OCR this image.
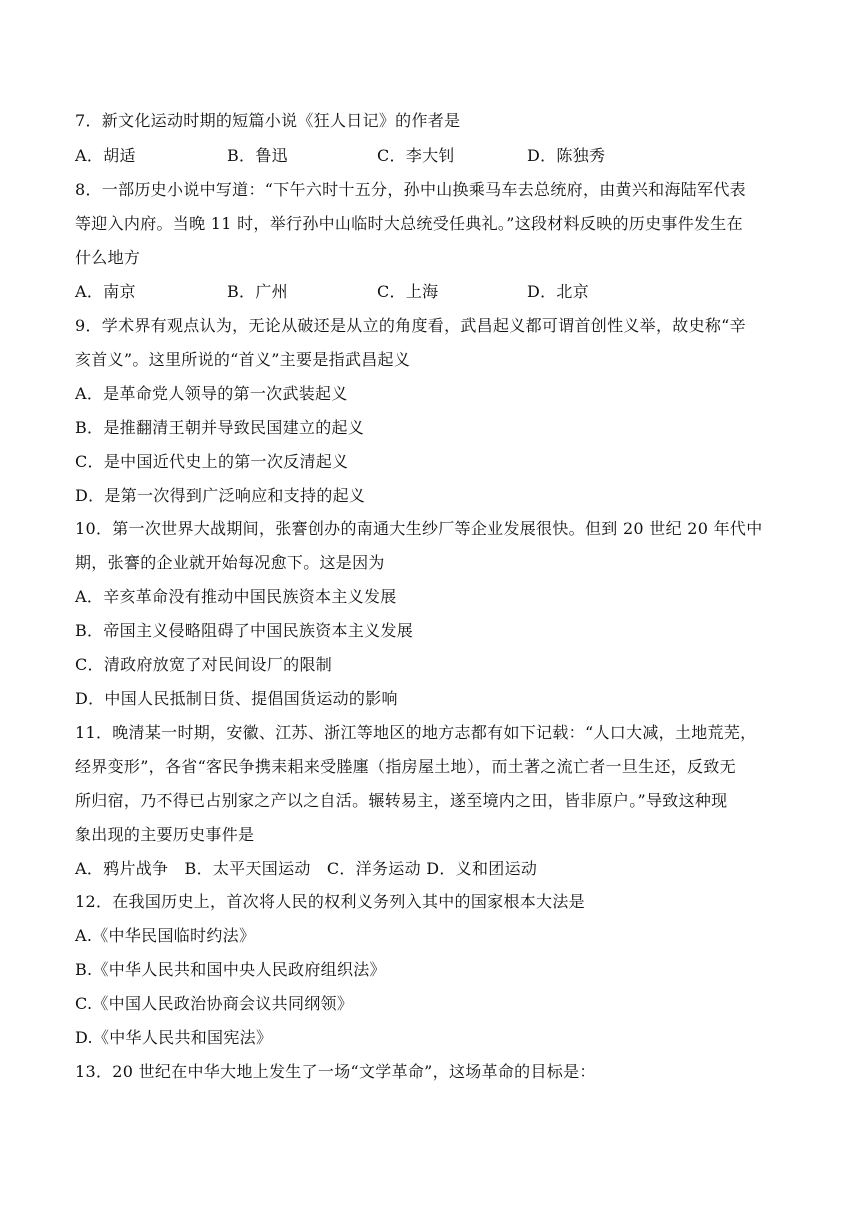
7．新文化运动时期的短篇小说《狂人日记》的作者是
A．胡适	B．鲁迅	C．李大钊	D．陈独秀
8．一部历史小说中写道：“下午六时十五分，孙中山换乘马车去总统府，由黄兴和海陆军代表
等迎入内府。当晚 11 时，举行孙中山临时大总统受任典礼。”这段材料反映的历史事件发生在
什么地方
A．南京	B．广州	C．上海	D．北京
9．学术界有观点认为，无论从破还是从立的角度看，武昌起义都可谓首创性义举，故史称“辛
亥首义”。这里所说的“首义”主要是指武昌起义
A．是革命党人领导的第一次武装起义
B．是推翻清王朝并导致民国建立的起义
C．是中国近代史上的第一次反清起义
D．是第一次得到广泛响应和支持的起义
10．第一次世界大战期间，张謇创办的南通大生纱厂等企业发展很快。但到 20 世纪 20 年代中
期，张謇的企业就开始每况愈下。这是因为
A．辛亥革命没有推动中国民族资本主义发展
B．帝国主义侵略阻碍了中国民族资本主义发展
C．清政府放宽了对民间设厂的限制
D．中国人民抵制日货、提倡国货运动的影响
11．晚清某一时期，安徽、江苏、浙江等地区的地方志都有如下记载：“人口大减，土地荒芜，
经界变形”，各省“客民争携耒耜来受塍廛（指房屋土地），而土著之流亡者一旦生还，反致无
所归宿，乃不得已占别家之产以之自活。辗转易主，遂至境内之田，皆非原户。”导致这种现
象出现的主要历史事件是
A．鸦片战争   B．太平天国运动   C．洋务运动 D．义和团运动
12．在我国历史上，首次将人民的权利义务列入其中的国家根本大法是
A.《中华民国临时约法》
B.《中华人民共和国中央人民政府组织法》
C.《中国人民政治协商会议共同纲领》
D.《中华人民共和国宪法》
13．20 世纪在中华大地上发生了一场“文学革命”，这场革命的目标是：
